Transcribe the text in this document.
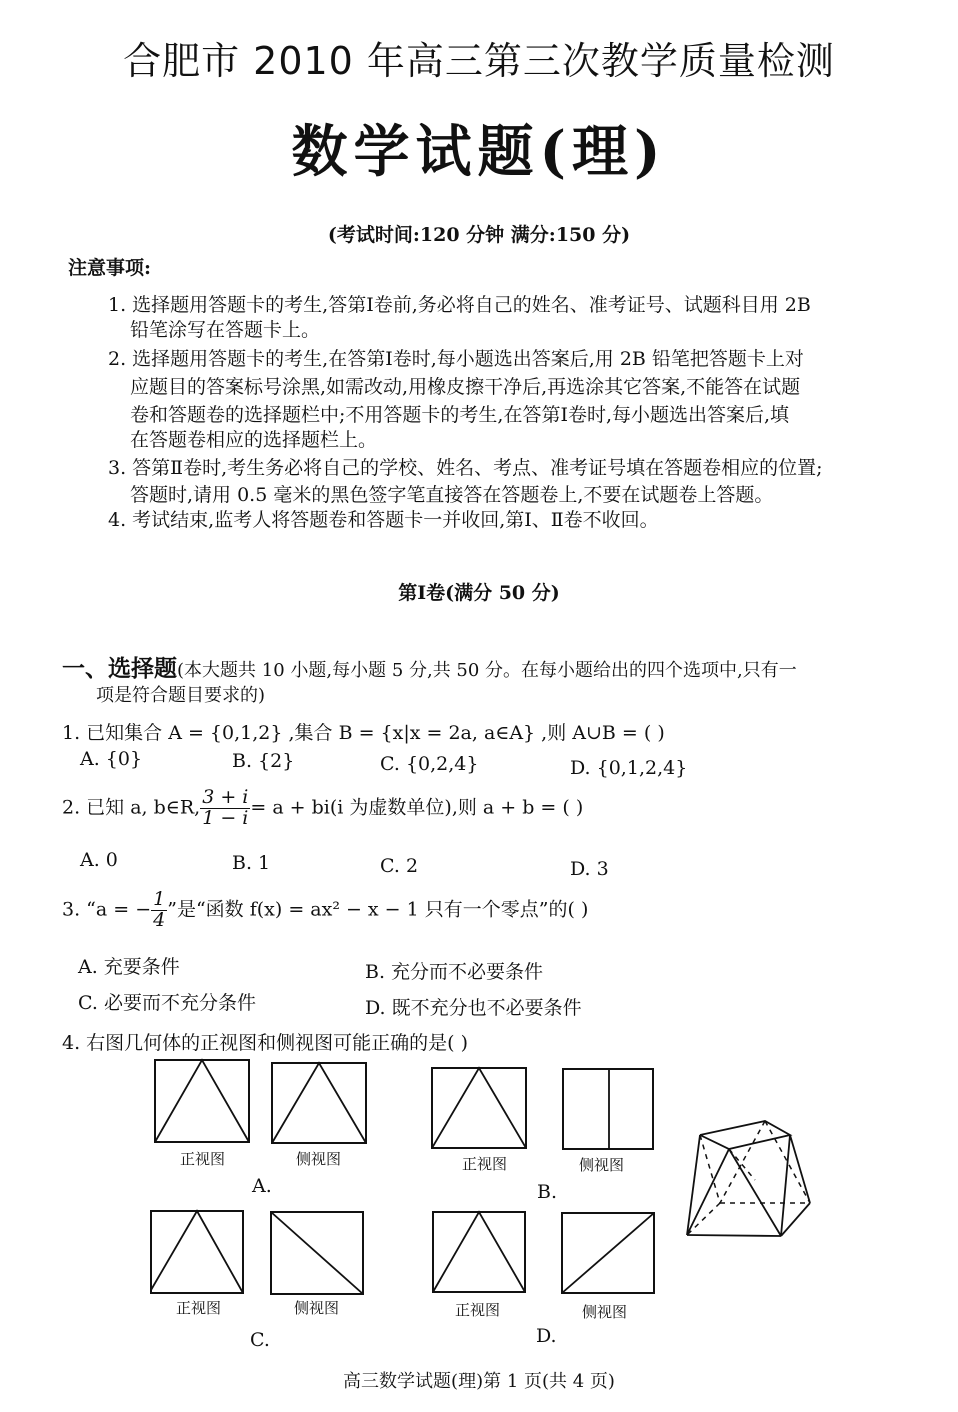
合肥市 2010 年高三第三次教学质量检测
数学试题(理)
(考试时间:120 分钟 满分:150 分)
注意事项:
1. 选择题用答题卡的考生,答第Ⅰ卷前,务必将自己的姓名、准考证号、试题科目用 2B
铅笔涂写在答题卡上。
2. 选择题用答题卡的考生,在答第Ⅰ卷时,每小题选出答案后,用 2B 铅笔把答题卡上对
应题目的答案标号涂黑,如需改动,用橡皮擦干净后,再选涂其它答案,不能答在试题
卷和答题卷的选择题栏中;不用答题卡的考生,在答第Ⅰ卷时,每小题选出答案后,填
在答题卷相应的选择题栏上。
3. 答第Ⅱ卷时,考生务必将自己的学校、姓名、考点、准考证号填在答题卷相应的位置;
答题时,请用 0.5 毫米的黑色签字笔直接答在答题卷上,不要在试题卷上答题。
4. 考试结束,监考人将答题卷和答题卡一并收回,第Ⅰ、Ⅱ卷不收回。
第Ⅰ卷(满分 50 分)
一、选择题(本大题共 10 小题,每小题 5 分,共 50 分。在每小题给出的四个选项中,只有一
项是符合题目要求的)
1. 已知集合 A = {0,1,2} ,集合 B = {x|x = 2a, a∈A} ,则 A∪B = ( )
A. {0}	B. {2}	C. {0,2,4}	D. {0,1,2,4}
2. 已知 a, b∈R, $\frac{3 + i}{1 - i} = a + bi(i$ 为虚数单位),则 a + b = ( )
A. 0	B. 1	C. 2	D. 3
3. “a = − $\frac{1}{4}$ ”是“函数 f(x) = ax² − x − 1 只有一个零点”的( )
A. 充要条件	B. 充分而不必要条件
C. 必要而不充分条件	D. 既不充分也不必要条件
4. 右图几何体的正视图和侧视图可能正确的是( )
正视图	侧视图
A.
正视图	侧视图
B.
正视图	侧视图
C.
正视图	侧视图
D.
高三数学试题(理)第 1 页(共 4 页)
